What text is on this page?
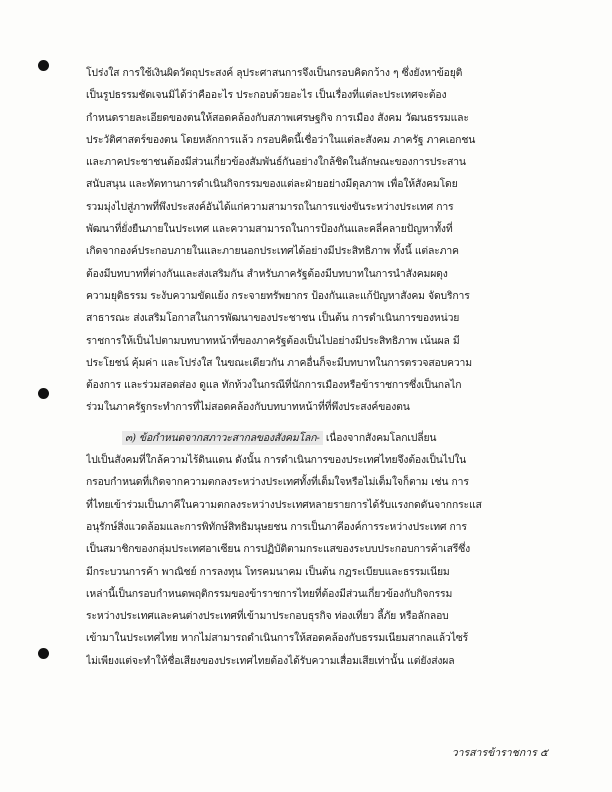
โปร่งใส การใช้เงินผิดวัตถุประสงค์ ลุประศาสนการจึงเป็นกรอบคิดกว้าง ๆ ซึ่งยังหาข้อยุติ

เป็นรูปธรรมชัดเจนมิได้ว่าคืออะไร ประกอบด้วยอะไร เป็นเรื่องที่แต่ละประเทศจะต้อง

กำหนดรายละเอียดของตนให้สอดคล้องกับสภาพเศรษฐกิจ การเมือง สังคม วัฒนธรรมและ

ประวัติศาสตร์ของตน โดยหลักการแล้ว กรอบคิดนี้เชื่อว่าในแต่ละสังคม ภาครัฐ ภาคเอกชน

และภาคประชาชนต้องมีส่วนเกี่ยวข้องสัมพันธ์กันอย่างใกล้ชิดในลักษณะของการประสาน

สนับสนุน และทัดทานการดำเนินกิจกรรมของแต่ละฝ่ายอย่างมีดุลภาพ เพื่อให้สังคมโดย

รวมมุ่งไปสู่ภาพที่พึงประสงค์อันได้แก่ความสามารถในการแข่งขันระหว่างประเทศ การ

พัฒนาที่ยั่งยืนภายในประเทศ และความสามารถในการป้องกันและคลี่คลายปัญหาทั้งที่

เกิดจากองค์ประกอบภายในและภายนอกประเทศได้อย่างมีประสิทธิภาพ ทั้งนี้ แต่ละภาค

ต้องมีบทบาทที่ต่างกันและส่งเสริมกัน สำหรับภาครัฐต้องมีบทบาทในการนำสังคมผดุง

ความยุติธรรม ระงับความขัดแย้ง กระจายทรัพยากร ป้องกันและแก้ปัญหาสังคม จัดบริการ

สาธารณะ ส่งเสริมโอกาสในการพัฒนาของประชาชน เป็นต้น การดำเนินการของหน่วย

ราชการให้เป็นไปตามบทบาทหน้าที่ของภาครัฐต้องเป็นไปอย่างมีประสิทธิภาพ เน้นผล มี

ประโยชน์ คุ้มค่า และโปร่งใส ในขณะเดียวกัน ภาคอื่นก็จะมีบทบาทในการตรวจสอบความ

ต้องการ และร่วมสอดส่อง ดูแล ทักท้วงในกรณีที่นักการเมืองหรือข้าราชการซึ่งเป็นกลไก

ร่วมในภาครัฐกระทำการที่ไม่สอดคล้องกับบทบาทหน้าที่ที่พึงประสงค์ของตน

๓) ข้อกำหนดจากสภาวะสากลของสังคมโลก- เนื่องจากสังคมโลกเปลี่ยน

ไปเป็นสังคมที่ใกล้ความไร้ดินแดน ดังนั้น การดำเนินการของประเทศไทยจึงต้องเป็นไปใน

กรอบกำหนดที่เกิดจากความตกลงระหว่างประเทศทั้งที่เต็มใจหรือไม่เต็มใจก็ตาม เช่น การ

ที่ไทยเข้าร่วมเป็นภาคีในความตกลงระหว่างประเทศหลายรายการได้รับแรงกดดันจากกระแส

อนุรักษ์สิ่งแวดล้อมและการพิทักษ์สิทธิมนุษยชน การเป็นภาคีองค์การระหว่างประเทศ การ

เป็นสมาชิกของกลุ่มประเทศอาเซียน การปฏิบัติตามกระแสของระบบประกอบการค้าเสรีซึ่ง

มีกระบวนการค้า พาณิชย์ การลงทุน โทรคมนาคม เป็นต้น กฎระเบียบและธรรมเนียม

เหล่านี้เป็นกรอบกำหนดพฤติกรรมของข้าราชการไทยที่ต้องมีส่วนเกี่ยวข้องกับกิจกรรม

ระหว่างประเทศและคนต่างประเทศที่เข้ามาประกอบธุรกิจ ท่องเที่ยว ลี้ภัย หรือลักลอบ

เข้ามาในประเทศไทย หากไม่สามารถดำเนินการให้สอดคล้องกับธรรมเนียมสากลแล้วไซร้

ไม่เพียงแต่จะทำให้ชื่อเสียงของประเทศไทยต้องได้รับความเสื่อมเสียเท่านั้น แต่ยังส่งผล

วารสารข้าราชการ ๕
